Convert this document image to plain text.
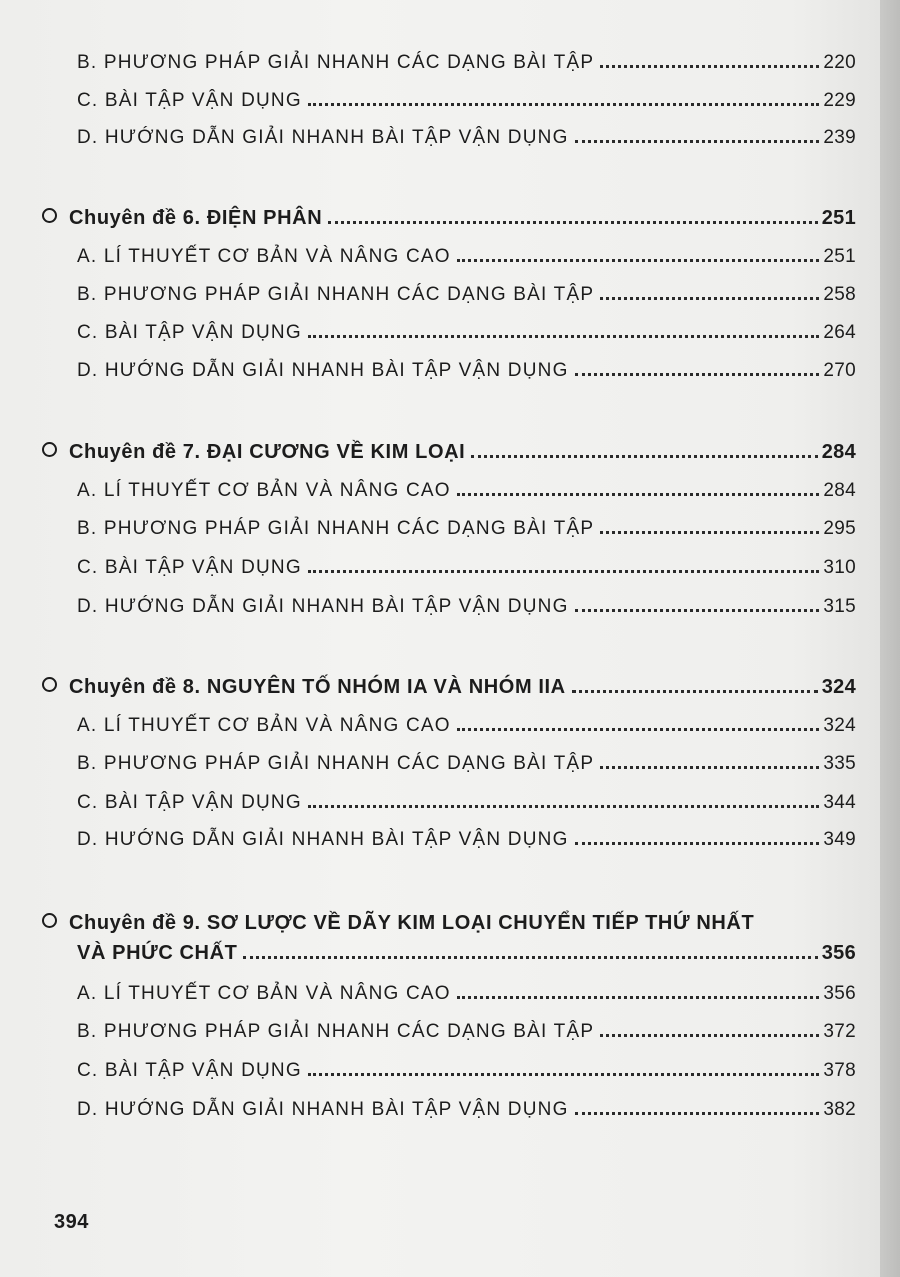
B. PHƯƠNG PHÁP GIẢI NHANH CÁC DẠNG BÀI TẬP	220
C. BÀI TẬP VẬN DỤNG	229
D. HƯỚNG DẪN GIẢI NHANH BÀI TẬP VẬN DỤNG	239
Chuyên đề 6. ĐIỆN PHÂN	251
A. LÍ THUYẾT CƠ BẢN VÀ NÂNG CAO	251
B. PHƯƠNG PHÁP GIẢI NHANH CÁC DẠNG BÀI TẬP	258
C. BÀI TẬP VẬN DỤNG	264
D. HƯỚNG DẪN GIẢI NHANH BÀI TẬP VẬN DỤNG	270
Chuyên đề 7. ĐẠI CƯƠNG VỀ KIM LOẠI	284
A. LÍ THUYẾT CƠ BẢN VÀ NÂNG CAO	284
B. PHƯƠNG PHÁP GIẢI NHANH CÁC DẠNG BÀI TẬP	295
C. BÀI TẬP VẬN DỤNG	310
D. HƯỚNG DẪN GIẢI NHANH BÀI TẬP VẬN DỤNG	315
Chuyên đề 8. NGUYÊN TỐ NHÓM IA VÀ NHÓM IIA	324
A. LÍ THUYẾT CƠ BẢN VÀ NÂNG CAO	324
B. PHƯƠNG PHÁP GIẢI NHANH CÁC DẠNG BÀI TẬP	335
C. BÀI TẬP VẬN DỤNG	344
D. HƯỚNG DẪN GIẢI NHANH BÀI TẬP VẬN DỤNG	349
Chuyên đề 9. SƠ LƯỢC VỀ DÃY KIM LOẠI CHUYỂN TIẾP THỨ NHẤT
VÀ PHỨC CHẤT	356
A. LÍ THUYẾT CƠ BẢN VÀ NÂNG CAO	356
B. PHƯƠNG PHÁP GIẢI NHANH CÁC DẠNG BÀI TẬP	372
C. BÀI TẬP VẬN DỤNG	378
D. HƯỚNG DẪN GIẢI NHANH BÀI TẬP VẬN DỤNG	382
394
